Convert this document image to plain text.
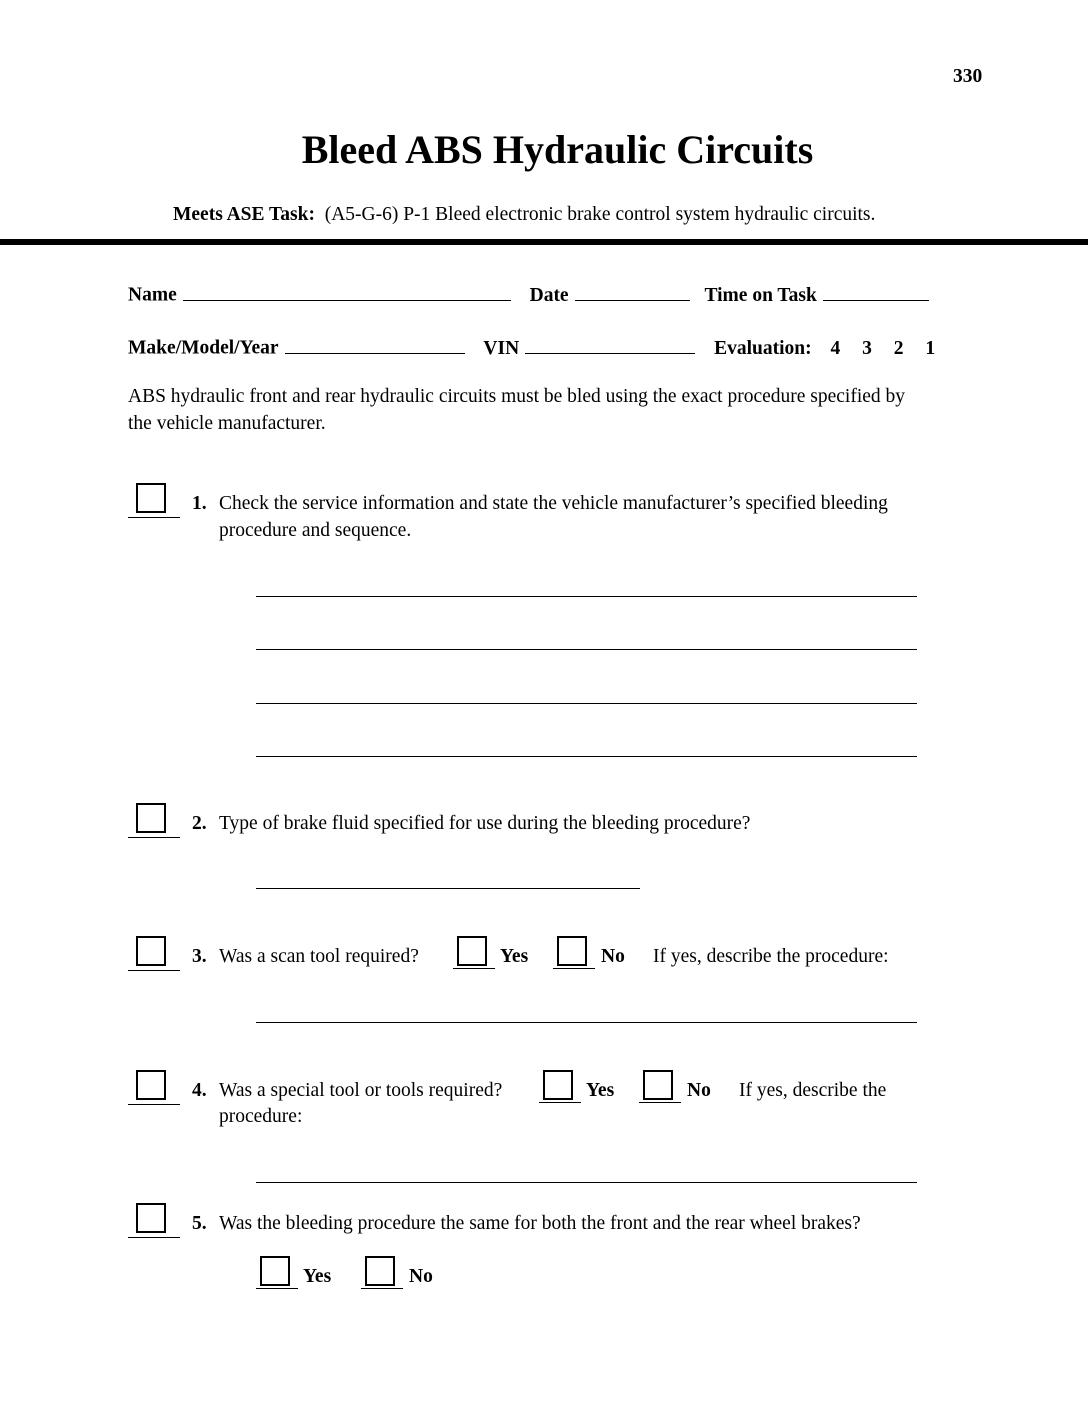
330
Bleed ABS Hydraulic Circuits
Meets ASE Task: (A5-G-6) P-1 Bleed electronic brake control system hydraulic circuits.
Name	Date	Time on Task
Make/Model/Year	VIN	Evaluation: 4 3 2 1
ABS hydraulic front and rear hydraulic circuits must be bled using the exact procedure specified by
the vehicle manufacturer.
1. Check the service information and state the vehicle manufacturer’s specified bleeding
procedure and sequence.
2. Type of brake fluid specified for use during the bleeding procedure?
3. Was a scan tool required?	Yes	No If yes, describe the procedure:
4. Was a special tool or tools required?
procedure:
Yes	No If yes, describe the
5. Was the bleeding procedure the same for both the front and the rear wheel brakes?
Yes	No
